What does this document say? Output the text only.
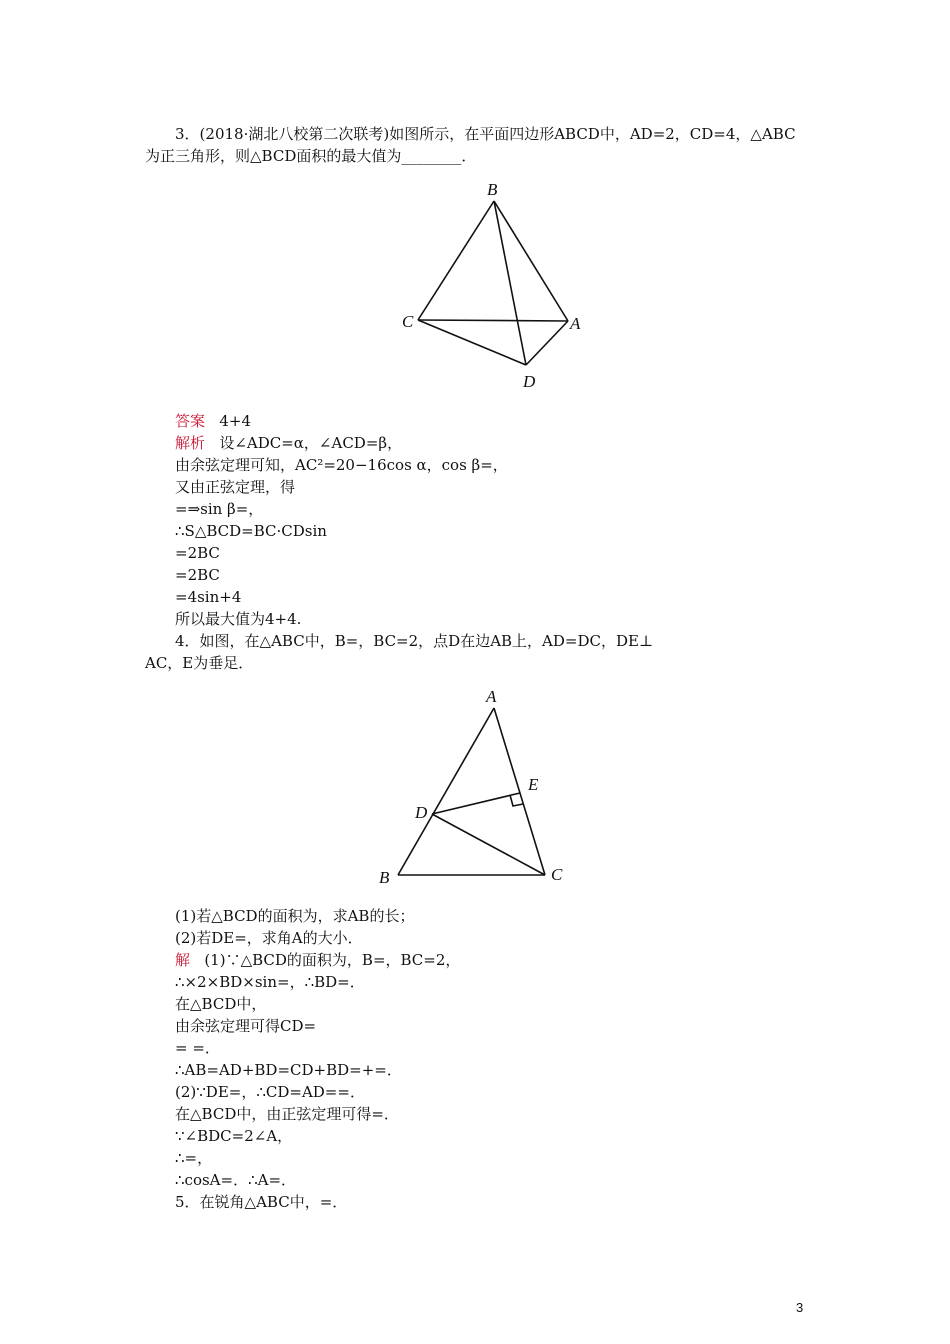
3．(2018·湖北八校第二次联考)如图所示，在平面四边形ABCD中，AD=2，CD=4，△ABC
为正三角形，则△BCD面积的最大值为________．
B
C	A
D
答案 4+4
解析 设∠ADC=α，∠ACD=β，
由余弦定理可知，AC²=20−16cos α，cos β=，
又由正弦定理，得
=⇒sin β=，
∴S△BCD=BC·CDsin
=2BC
=2BC
=4sin+4
所以最大值为4+4.
4．如图，在△ABC中，B=，BC=2，点D在边AB上，AD=DC，DE⊥
AC，E为垂足．
A
E
D
B	C
(1)若△BCD的面积为，求AB的长；
(2)若DE=，求角A的大小．
解 (1)∵△BCD的面积为，B=，BC=2，
∴×2×BD×sin=，∴BD=．
在△BCD中，
由余弦定理可得CD=
= =．
∴AB=AD+BD=CD+BD=+=．
(2)∵DE=，∴CD=AD==．
在△BCD中，由正弦定理可得=．
∵∠BDC=2∠A，
∴=，
∴cosA=．∴A=．
5．在锐角△ABC中，=．
3
